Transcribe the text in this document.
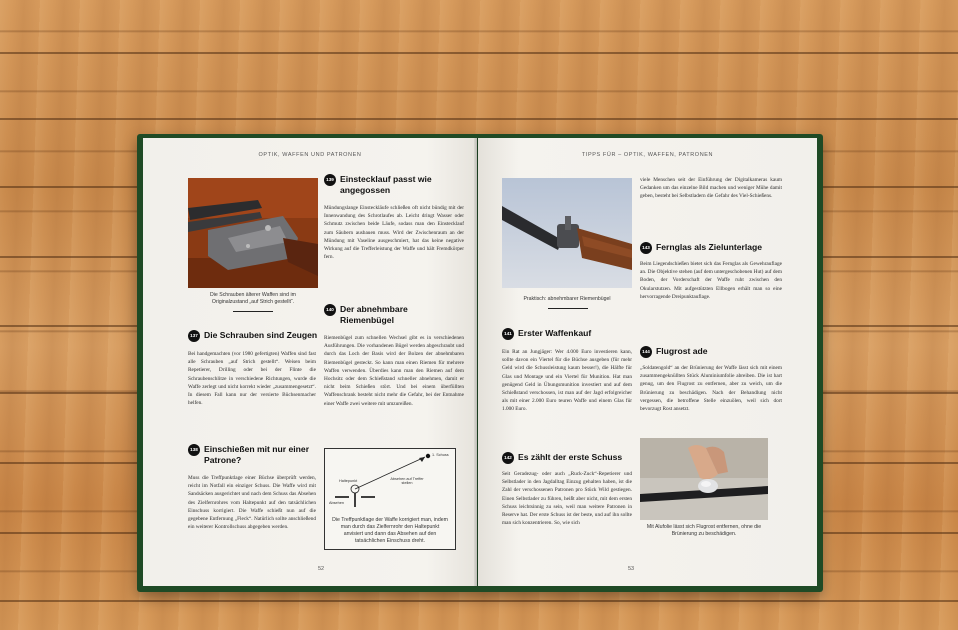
OPTIK, WAFFEN UND PATRONEN
Die Schrauben älterer Waffen sind im Originalzustand „auf Strich gestellt“.
139 Einstecklauf passt wie angegossen
Mündungslange Einsteckläufe schließen oft nicht bündig mit der Innenwandung des Schrotlaufes ab. Leicht dringt Wasser oder Schmutz zwischen beide Läufe, sodass man den Einstecklauf zum Säubern ausbauen muss. Wird der Zwischenraum an der Mündung mit Vaseline ausgeschmiert, hat das keine negative Wirkung auf die Trefferleistung der Waffe und hält Fremdkörper fern.
140 Der abnehmbare Riemenbügel
Riemenbügel zum schnellen Wechsel gibt es in verschiedenen Ausführungen. Die vorhandenen Bügel werden abgeschraubt und durch das Loch der Basis wird der Bolzen der abnehmbaren Riemenbügel gesteckt. So kann man einen Riemen für mehrere Waffen verwenden. Überdies kann man den Riemen auf dem Hochsitz oder dem Schießstand schneller abnehmen, damit er nicht beim Schießen stört. Und bei einem überfüllten Waffenschrank besteht nicht mehr die Gefahr, bei der Entnahme einer Waffe zwei weitere mit umzureißen.
137 Die Schrauben sind Zeugen
Bei handgemachten (vor 1980 gefertigten) Waffen sind fast alle Schrauben „auf Strich gestellt“. Weisen beim Repetierer, Drilling oder bei der Flinte die Schraubenschlitze in verschiedene Richtungen, wurde die Waffe zerlegt und nicht korrekt wieder „zusammengesetzt“. In diesem Fall kann nur der versierte Büchsenmacher helfen.
138 Einschießen mit nur einer Patrone?
Muss die Treffpunktlage einer Büchse überprüft werden, reicht im Notfall ein einziger Schuss. Die Waffe wird mit Sandsäcken ausgerichtet und nach dem Schuss das Absehen des Zielfernrohres vom Haltepunkt auf den tatsächlichen Einschuss korrigiert. Die Waffe schießt nun auf die gegebene Entfernung „Fleck“. Natürlich sollte anschließend ein weiterer Kontrollschuss abgegeben werden.
1. Schuss
Haltepunkt	Absehen auf Treffer stellen
Absehen
Die Treffpunktlage der Waffe korrigiert man, indem man durch das Zielfernrohr den Haltepunkt anvisiert und dann das Absehen auf den tatsächlichen Einschuss dreht.
52
TIPPS FÜR – OPTIK, WAFFEN, PATRONEN
Praktisch: abnehmbarer Riemenbügel
viele Menschen seit der Einführung der Digitalkameras kaum Gedanken um das einzelne Bild machen und weniger Mühe damit geben, besteht bei Selbstladern die Gefahr des Viel-Schießens.
143 Fernglas als Zielunterlage
Beim Liegendschießen bietet sich das Fernglas als Gewehrauflage an. Die Objektive stehen (auf dem untergeschobenen Hut) auf dem Boden, der Vorderschaft der Waffe ruht zwischen den Okularstutzen. Mit aufgestützten Ellbogen erhält man so eine hervorragende Dreipunktauflage.
144 Flugrost ade
„Soldatengold“ an der Brünierung der Waffe lässt sich mit einem zusammengeknüllten Stück Aluminiumfolie abreiben. Die ist hart genug, um den Flugrost zu entfernen, aber zu weich, um die Brünierung zu beschädigen. Nach der Behandlung nicht vergessen, die betroffene Stelle einzuölen, weil sich dort bevorzugt Rost ansetzt.
141 Erster Waffenkauf
Ein Rat an Jungjäger: Wer 4.000 Euro investieren kann, sollte davon ein Viertel für die Büchse ausgeben (für mehr Geld wird die Schussleistung kaum besser!), die Hälfte für Glas und Montage und ein Viertel für Munition. Hat man genügend Geld in Übungsmunition investiert und auf dem Schießstand verschossen, ist man auf der Jagd erfolgreicher als mit einer 2.000 Euro teuren Waffe und einem Glas für 1.000 Euro.
142 Es zählt der erste Schuss
Seit Geradezug- oder auch „Ruck-Zuck“-Repetierer und Selbstlader in den Jagdalltag Einzug gehalten haben, ist die Zahl der verschossenen Patronen pro Stück Wild gestiegen. Einen Selbstlader zu führen, heißt aber nicht, mit dem ersten Schuss leichtsinnig zu sein, weil man weitere Patronen in Reserve hat. Der erste Schuss ist der beste, und auf ihn sollte man sich konzentrieren. So, wie sich
Mit Alufolie lässt sich Flugrost entfernen, ohne die Brünierung zu beschädigen.
53
